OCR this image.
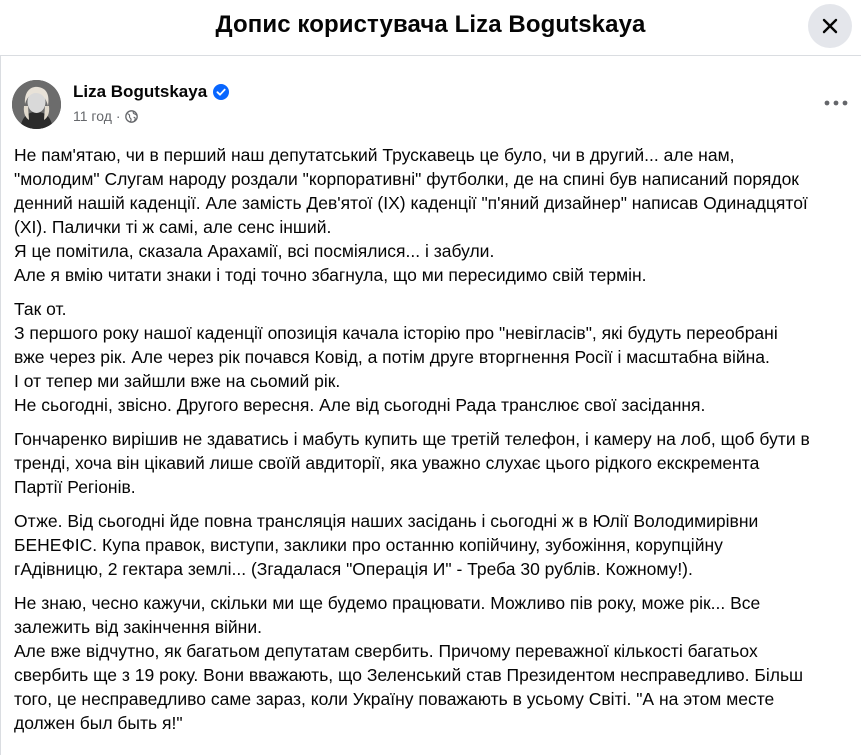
Допис користувача Liza Bogutskaya
Liza Bogutskaya
11 год ·

Не пам'ятаю, чи в перший наш депутатський Трускавець це було, чи в другий... але нам,
"молодим" Слугам народу роздали "корпоративні" футболки, де на спині був написаний порядок
денний нашій каденції. Але замість Дев'ятої (ІХ) каденції "п'яний дизайнер" написав Одинадцятої
(ХІ). Палички ті ж самі, але сенс інший.
Я це помітила, сказала Арахамії, всі посміялися... і забули.
Але я вмію читати знаки і тоді точно збагнула, що ми пересидимо свій термін.

Так от.
З першого року нашої каденції опозиція качала історію про "невігласів", які будуть переобрані
вже через рік. Але через рік почався Ковід, а потім друге вторгнення Росії і масштабна війна.
І от тепер ми зайшли вже на сьомий рік.
Не сьогодні, звісно. Другого вересня. Але від сьогодні Рада транслює свої засідання.

Гончаренко вирішив не здаватись і мабуть купить ще третій телефон, і камеру на лоб, щоб бути в
тренді, хоча він цікавий лише своїй авдиторії, яка уважно слухає цього рідкого екскремента
Партії Регіонів.

Отже. Від сьогодні йде повна трансляція наших засідань і сьогодні ж в Юлії Володимирівни
БЕНЕФІС. Купа правок, виступи, заклики про останню копійчину, зубожіння, корупційну
гАдівницю, 2 гектара землі... (Згадалася "Операція И" - Треба 30 рублів. Кожному!).

Не знаю, чесно кажучи, скільки ми ще будемо працювати. Можливо пів року, може рік... Все
залежить від закінчення війни.
Але вже відчутно, як багатьом депутатам свербить. Причому переважної кількості багатьох
свербить ще з 19 року. Вони вважають, що Зеленський став Президентом несправедливо. Більш
того, це несправедливо саме зараз, коли Україну поважають в усьому Світі. "А на этом месте
должен был быть я!"
